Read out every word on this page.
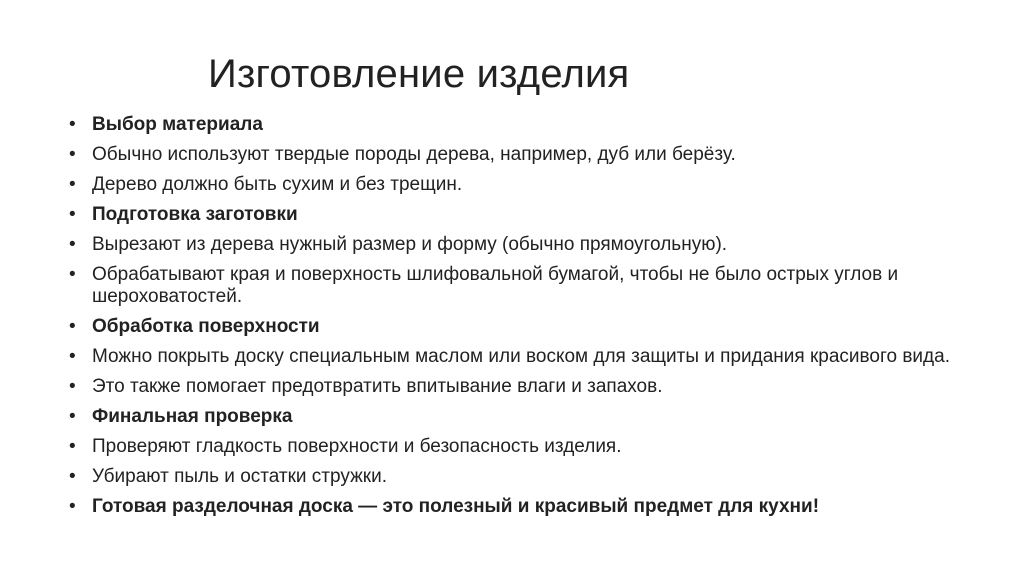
Изготовление изделия
• Выбор материала
• Обычно используют твердые породы дерева, например, дуб или берёзу.
• Дерево должно быть сухим и без трещин.
• Подготовка заготовки
• Вырезают из дерева нужный размер и форму (обычно прямоугольную).
• Обрабатывают края и поверхность шлифовальной бумагой, чтобы не было острых углов и шероховатостей.
• Обработка поверхности
• Можно покрыть доску специальным маслом или воском для защиты и придания красивого вида.
• Это также помогает предотвратить впитывание влаги и запахов.
• Финальная проверка
• Проверяют гладкость поверхности и безопасность изделия.
• Убирают пыль и остатки стружки.
• Готовая разделочная доска — это полезный и красивый предмет для кухни!
